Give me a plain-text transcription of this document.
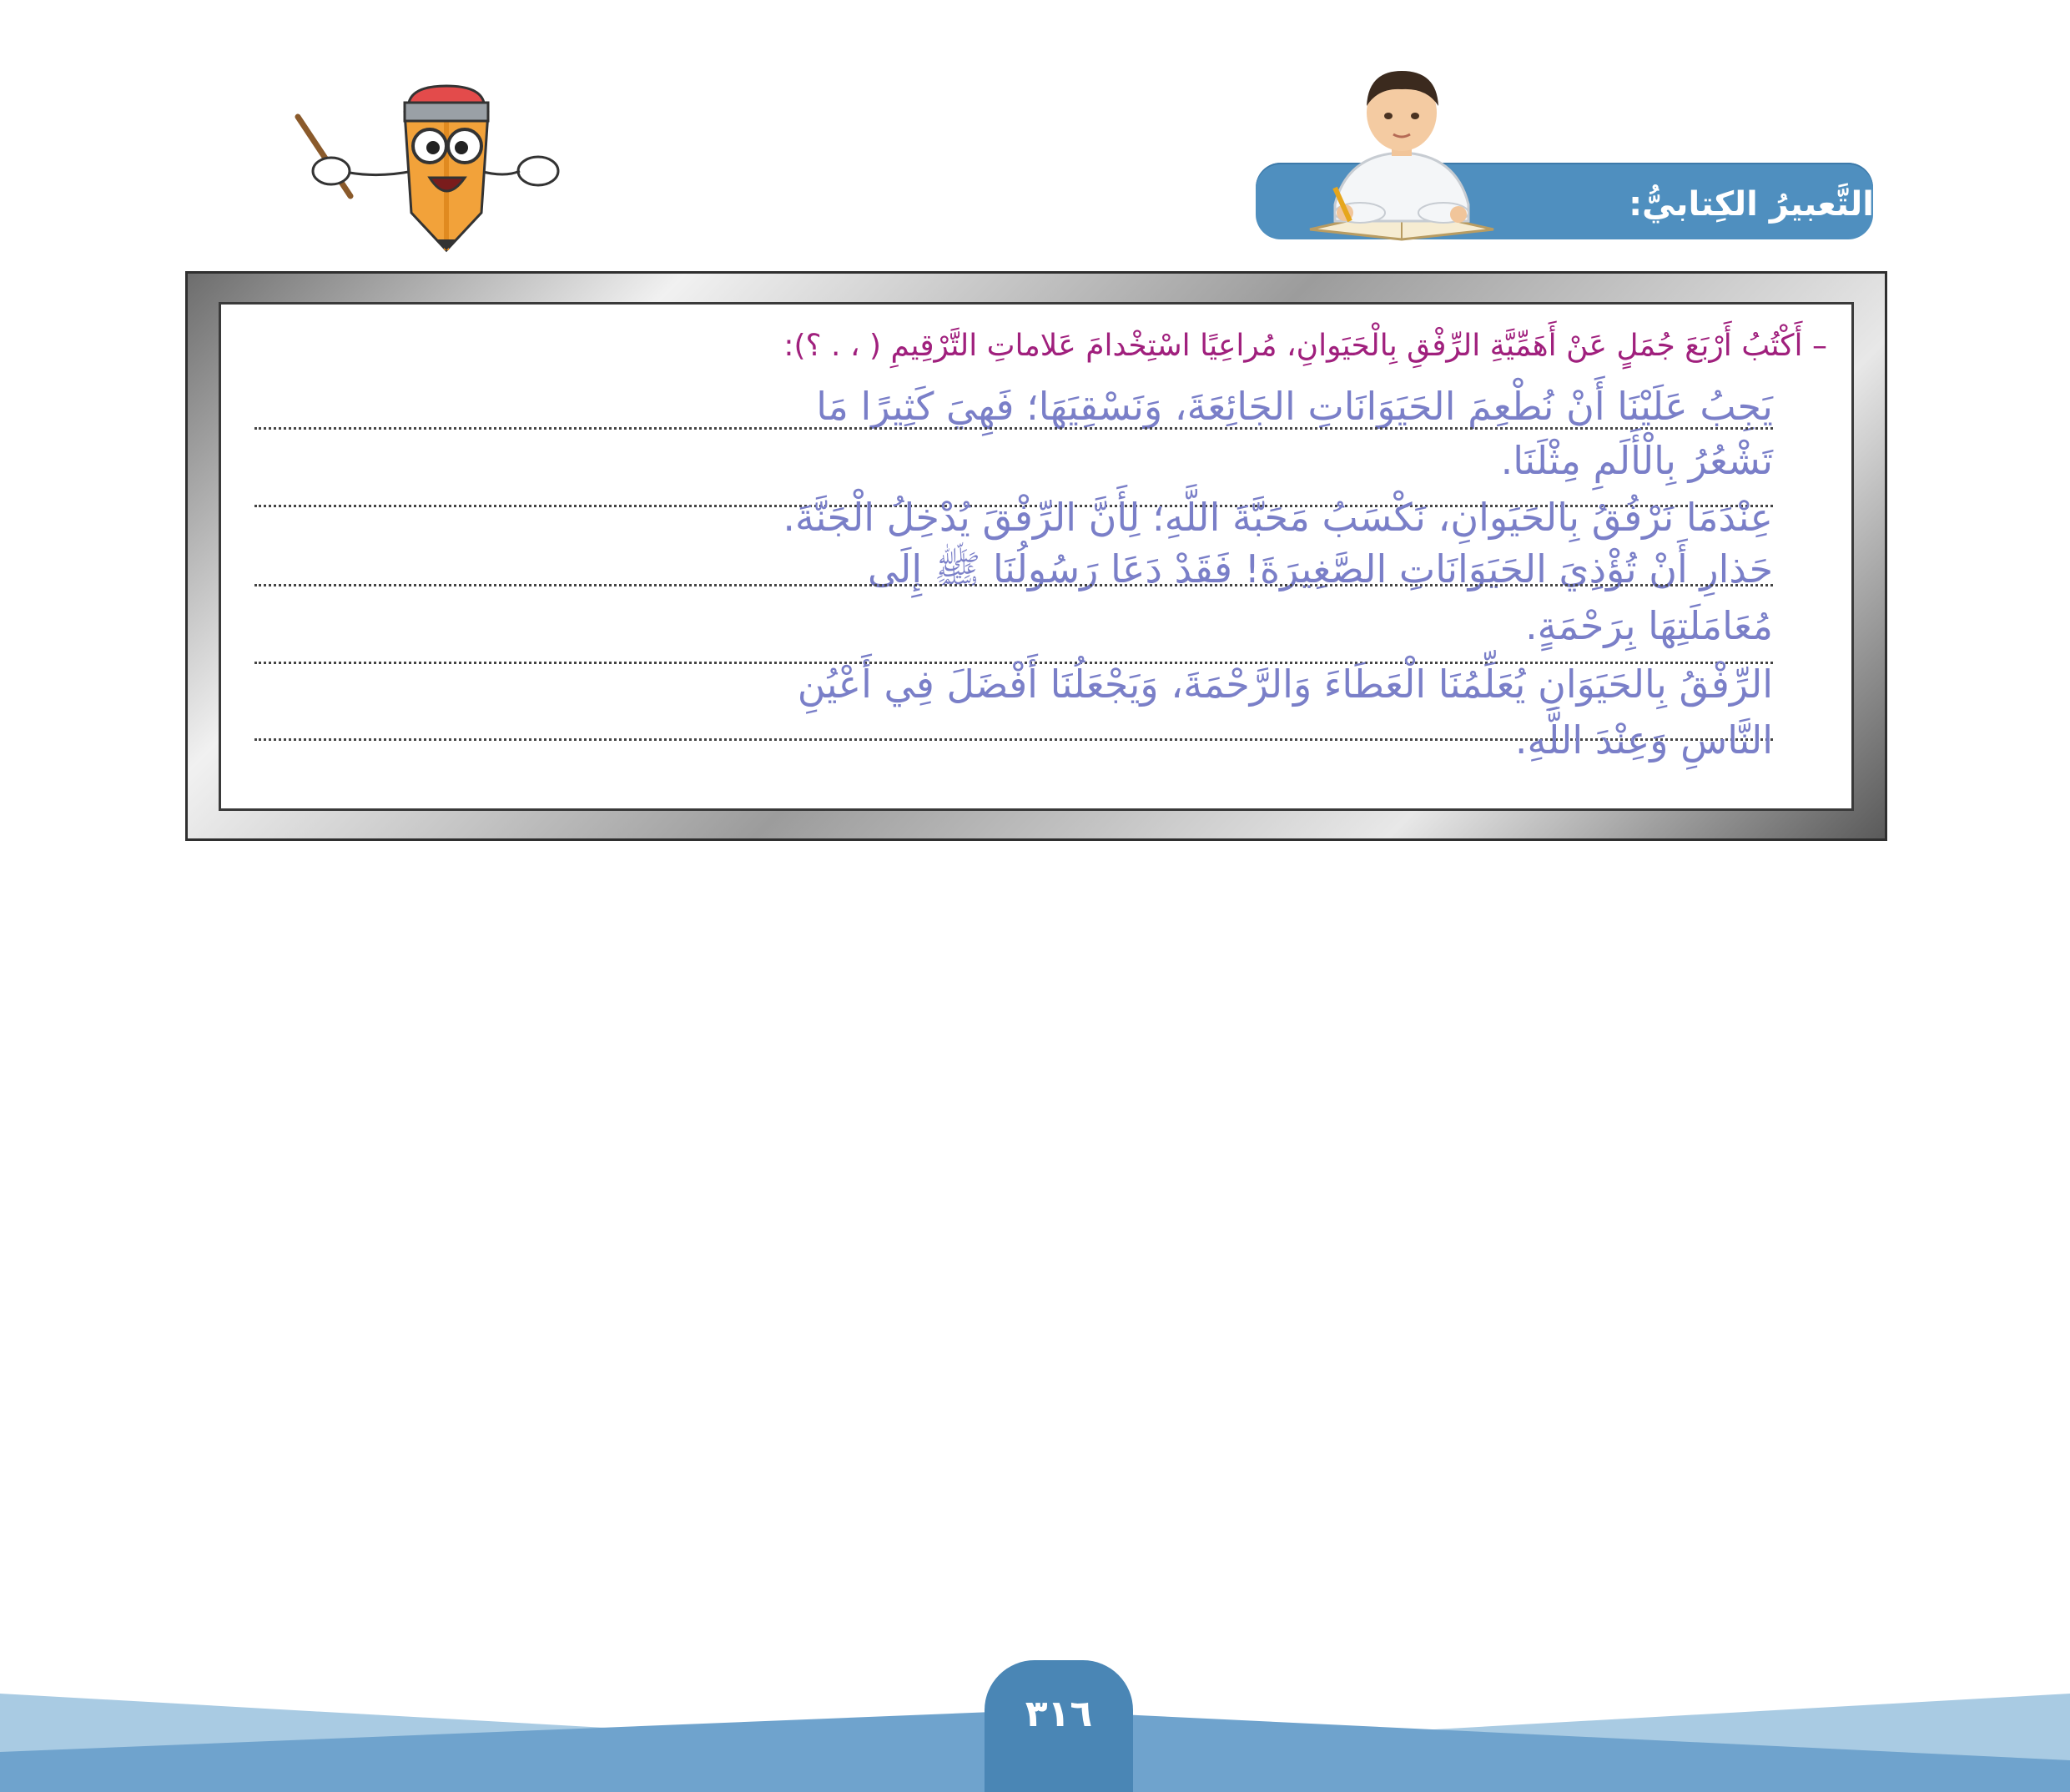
التَّعبيرُ الكِتابيُّ:
– أَكْتُبُ أَرْبَعَ جُمَلٍ عَنْ أَهَمِّيَّةِ الرِّفْقِ بِالْحَيَوانِ، مُراعِيًا اسْتِخْدامَ عَلاماتِ التَّرْقِيمِ ( ، . ؟):
يَجِبُ عَلَيْنَا أَنْ نُطْعِمَ الحَيَوَانَاتِ الجَائِعَةَ، وَنَسْقِيَهَا؛ فَهِيَ كَثِيرًا مَا
تَشْعُرُ بِالْأَلَمِ مِثْلَنَا.
عِنْدَمَا نَرْفُقُ بِالحَيَوانِ، نَكْسَبُ مَحَبَّةَ اللَّهِ؛ لِأَنَّ الرِّفْقَ يُدْخِلُ الْجَنَّةَ.
حَذارِ أَنْ تُؤْذِيَ الحَيَوَانَاتِ الصَّغِيرَةَ! فَقَدْ دَعَا رَسُولُنَا ﷺ إِلَى
مُعَامَلَتِهَا بِرَحْمَةٍ.
الرِّفْقُ بِالحَيَوَانِ يُعَلِّمُنَا الْعَطَاءَ وَالرَّحْمَةَ، وَيَجْعَلُنَا أَفْضَلَ فِي أَعْيُنِ
النَّاسِ وَعِنْدَ اللَّهِ.
٣١٦
